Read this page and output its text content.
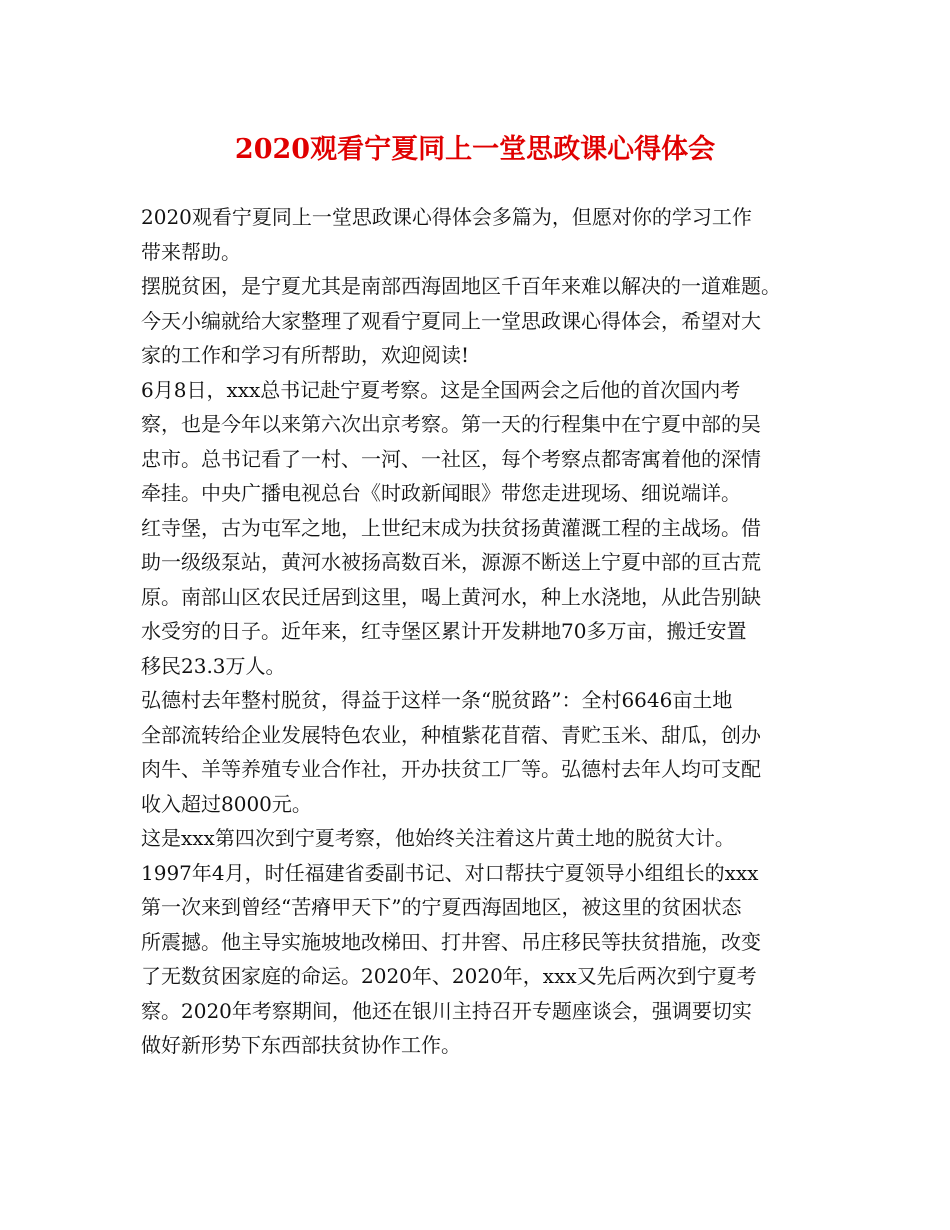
2020观看宁夏同上一堂思政课心得体会

2020观看宁夏同上一堂思政课心得体会多篇为，但愿对你的学习工作
带来帮助。

摆脱贫困，是宁夏尤其是南部西海固地区千百年来难以解决的一道难题。
今天小编就给大家整理了观看宁夏同上一堂思政课心得体会，希望对大
家的工作和学习有所帮助，欢迎阅读!

6月8日，xxx总书记赴宁夏考察。这是全国两会之后他的首次国内考
察，也是今年以来第六次出京考察。第一天的行程集中在宁夏中部的吴
忠市。总书记看了一村、一河、一社区，每个考察点都寄寓着他的深情
牵挂。中央广播电视总台《时政新闻眼》带您走进现场、细说端详。

红寺堡，古为屯军之地，上世纪末成为扶贫扬黄灌溉工程的主战场。借
助一级级泵站，黄河水被扬高数百米，源源不断送上宁夏中部的亘古荒
原。南部山区农民迁居到这里，喝上黄河水，种上水浇地，从此告别缺
水受穷的日子。近年来，红寺堡区累计开发耕地70多万亩，搬迁安置
移民23.3万人。

弘德村去年整村脱贫，得益于这样一条“脱贫路”：全村6646亩土地
全部流转给企业发展特色农业，种植紫花苜蓿、青贮玉米、甜瓜，创办
肉牛、羊等养殖专业合作社，开办扶贫工厂等。弘德村去年人均可支配
收入超过8000元。

这是xxx第四次到宁夏考察，他始终关注着这片黄土地的脱贫大计。
1997年4月，时任福建省委副书记、对口帮扶宁夏领导小组组长的xxx
第一次来到曾经“苦瘠甲天下”的宁夏西海固地区，被这里的贫困状态
所震撼。他主导实施坡地改梯田、打井窖、吊庄移民等扶贫措施，改变
了无数贫困家庭的命运。2020年、2020年，xxx又先后两次到宁夏考
察。2020年考察期间，他还在银川主持召开专题座谈会，强调要切实
做好新形势下东西部扶贫协作工作。
